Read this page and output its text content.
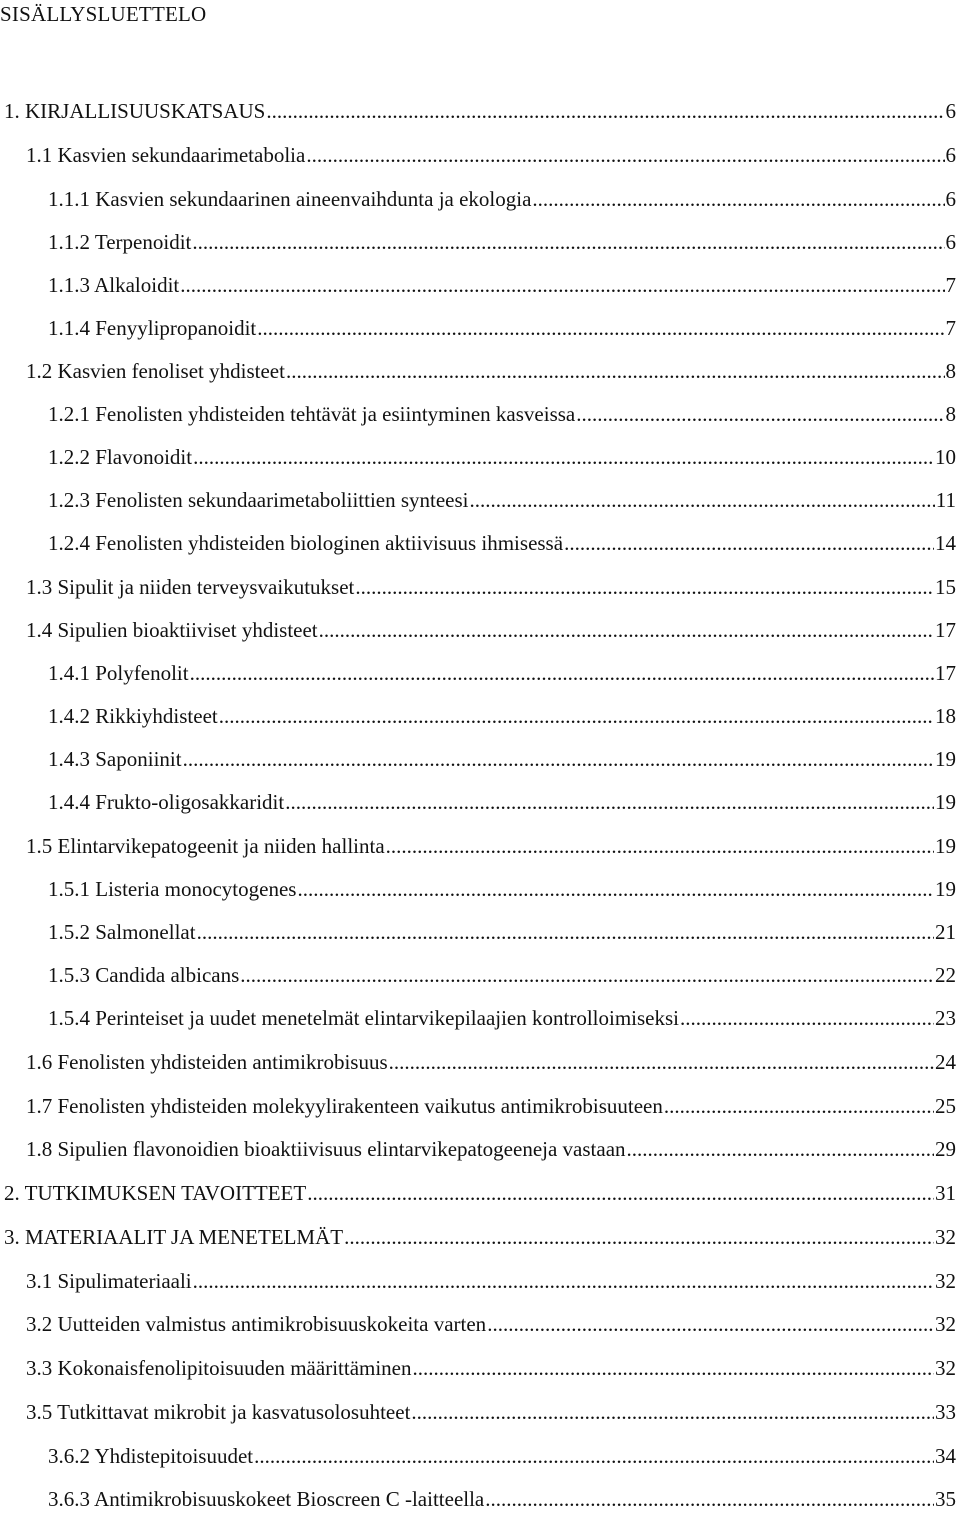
SISÄLLYSLUETTELO
1. KIRJALLISUUSKATSAUS .....	6
1.1 Kasvien sekundaarimetabolia .....	6
1.1.1 Kasvien sekundaarinen aineenvaihdunta ja ekologia .....	6
1.1.2 Terpenoidit .....	6
1.1.3 Alkaloidit .....	7
1.1.4 Fenyylipropanoidit .....	7
1.2 Kasvien fenoliset yhdisteet .....	8
1.2.1 Fenolisten yhdisteiden tehtävät ja esiintyminen kasveissa .....	8
1.2.2 Flavonoidit .....	10
1.2.3 Fenolisten sekundaarimetaboliittien synteesi .....	11
1.2.4 Fenolisten yhdisteiden biologinen aktiivisuus ihmisessä .....	14
1.3 Sipulit ja niiden terveysvaikutukset .....	15
1.4 Sipulien bioaktiiviset yhdisteet .....	17
1.4.1 Polyfenolit .....	17
1.4.2 Rikkiyhdisteet .....	18
1.4.3 Saponiinit .....	19
1.4.4 Frukto-oligosakkaridit .....	19
1.5 Elintarvikepatogeenit ja niiden hallinta .....	19
1.5.1 Listeria monocytogenes .....	19
1.5.2 Salmonellat .....	21
1.5.3 Candida albicans .....	22
1.5.4 Perinteiset ja uudet menetelmät elintarvikepilaajien kontrolloimiseksi .....	23
1.6 Fenolisten yhdisteiden antimikrobisuus .....	24
1.7 Fenolisten yhdisteiden molekyylirakenteen vaikutus antimikrobisuuteen .....	25
1.8 Sipulien flavonoidien bioaktiivisuus elintarvikepatogeeneja vastaan .....	29
2. TUTKIMUKSEN TAVOITTEET .....	31
3. MATERIAALIT JA MENETELMÄT .....	32
3.1 Sipulimateriaali .....	32
3.2 Uutteiden valmistus antimikrobisuuskokeita varten .....	32
3.3 Kokonaisfenolipitoisuuden määrittäminen .....	32
3.5 Tutkittavat mikrobit ja kasvatusolosuhteet .....	33
3.6.2 Yhdistepitoisuudet .....	34
3.6.3 Antimikrobisuuskokeet Bioscreen C -laitteella .....	35
